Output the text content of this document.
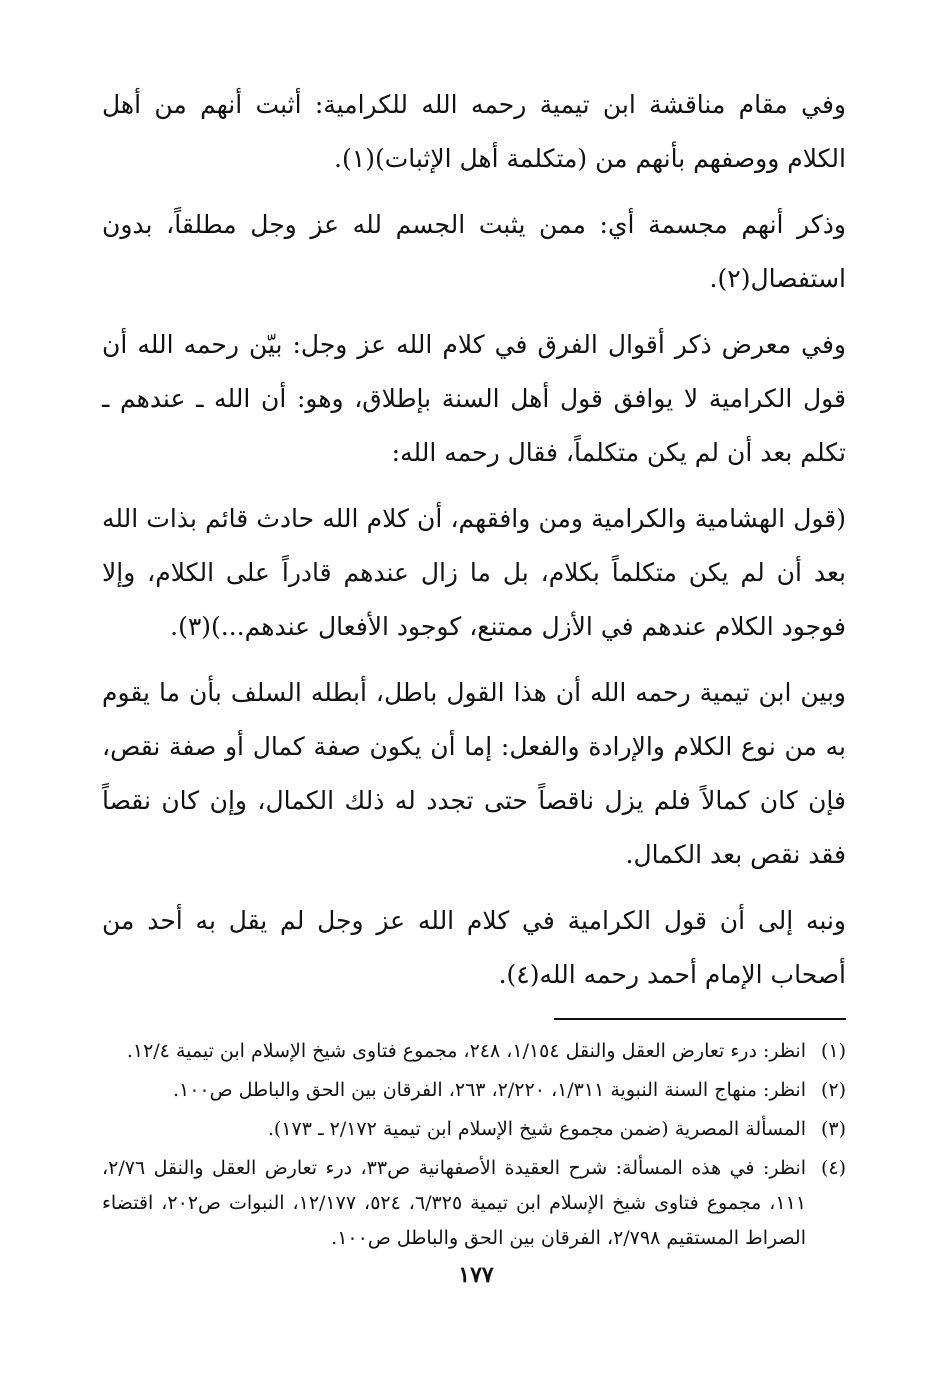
وفي مقام مناقشة ابن تيمية رحمه الله للكرامية: أثبت أنهم من أهل الكلام ووصفهم بأنهم من (متكلمة أهل الإثبات)(١).

وذكر أنهم مجسمة أي: ممن يثبت الجسم لله عز وجل مطلقاً، بدون استفصال(٢).

وفي معرض ذكر أقوال الفرق في كلام الله عز وجل: بيّن رحمه الله أن قول الكرامية لا يوافق قول أهل السنة بإطلاق، وهو: أن الله ـ عندهم ـ تكلم بعد أن لم يكن متكلماً، فقال رحمه الله:

(قول الهشامية والكرامية ومن وافقهم، أن كلام الله حادث قائم بذات الله بعد أن لم يكن متكلماً بكلام، بل ما زال عندهم قادراً على الكلام، وإلا فوجود الكلام عندهم في الأزل ممتنع، كوجود الأفعال عندهم...)(٣).

وبين ابن تيمية رحمه الله أن هذا القول باطل، أبطله السلف بأن ما يقوم به من نوع الكلام والإرادة والفعل: إما أن يكون صفة كمال أو صفة نقص، فإن كان كمالاً فلم يزل ناقصاً حتى تجدد له ذلك الكمال، وإن كان نقصاً فقد نقص بعد الكمال.

ونبه إلى أن قول الكرامية في كلام الله عز وجل لم يقل به أحد من أصحاب الإمام أحمد رحمه الله(٤).

(١)
انظر: درء تعارض العقل والنقل ١/١٥٤، ٢٤٨، مجموع فتاوى شيخ الإسلام ابن تيمية ١٢/٤.
(٢)
انظر: منهاج السنة النبوية ١/٣١١، ٢/٢٢٠، ٢٦٣، الفرقان بين الحق والباطل ص١٠٠.
(٣)
المسألة المصرية (ضمن مجموع شيخ الإسلام ابن تيمية ٢/١٧٢ ـ ١٧٣).
(٤)
انظر: في هذه المسألة: شرح العقيدة الأصفهانية ص٣٣، درء تعارض العقل والنقل ٢/٧٦، ١١١، مجموع فتاوى شيخ الإسلام ابن تيمية ٦/٣٢٥، ٥٢٤، ١٢/١٧٧، النبوات ص٢٠٢، اقتضاء الصراط المستقيم ٢/٧٩٨، الفرقان بين الحق والباطل ص١٠٠.
١٧٧
